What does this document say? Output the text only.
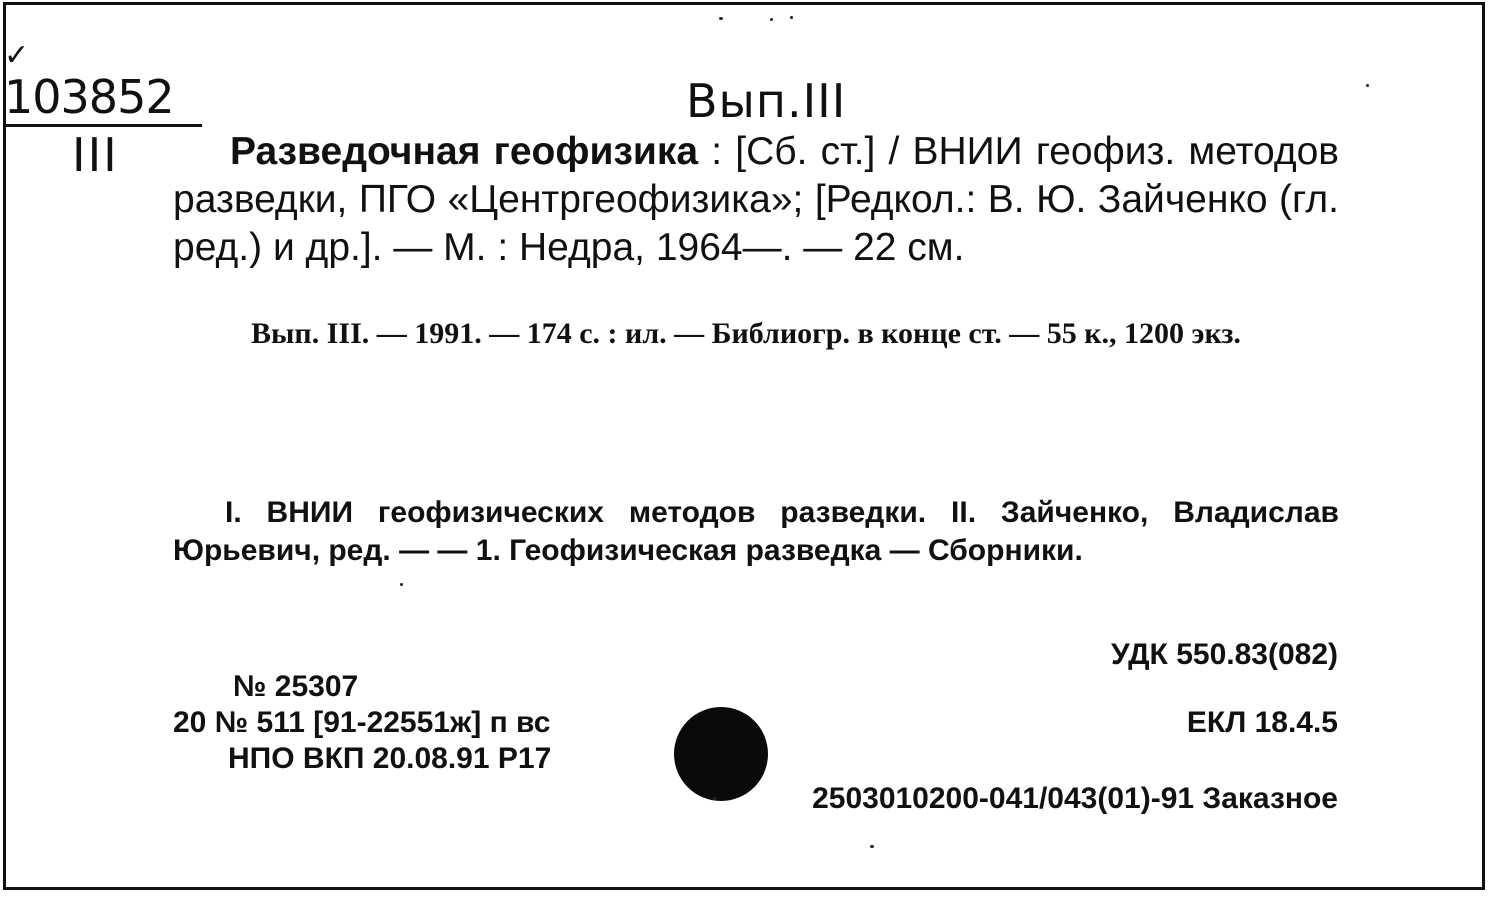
✓
103852
III
Вып.III

Разведочная геофизика : [Сб. ст.] / ВНИИ геофиз. методов разведки, ПГО «Центргеофизика»; [Редкол.: В. Ю. Зайченко (гл. ред.) и др.]. — М. : Недра, 1964—. — 22 см.

Вып. III. — 1991. — 174 с. : ил. — Библиогр. в конце ст. — 55 к., 1200 экз.

I. ВНИИ геофизических методов разведки. II. Зайченко, Владислав Юрьевич, ред. — — 1. Геофизическая разведка — Сборники.

УДК 550.83(082)
№ 25307
20 № 511 [91-22551ж] п вс	ЕКЛ 18.4.5
НПО ВКП 20.08.91 Р17
2503010200-041/043(01)-91 Заказное
